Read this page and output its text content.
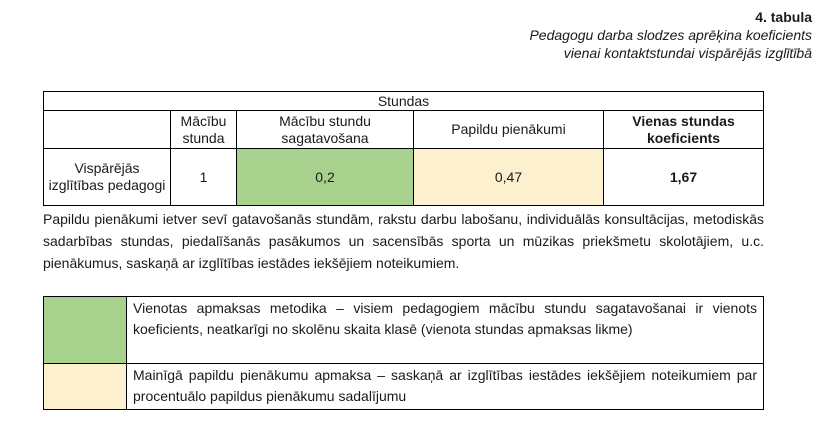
4. tabula
Pedagogu darba slodzes aprēķina koeficients
vienai kontaktstundai vispārējās izglītībā
Stundas				
	Mācību stunda	Mācību stundu sagatavošana	Papildu pienākumi	Vienas stundas koeficients
Vispārējās izglītības pedagogi	1	0,2	0,47	1,67
Papildu pienākumi ietver sevī gatavošanās stundām, rakstu darbu labošanu, individuālās konsultācijas, metodiskās sadarbības stundas, piedalīšanās pasākumos un sacensībās sporta un mūzikas priekšmetu skolotājiem, u.c. pienākumus, saskaņā ar izglītības iestādes iekšējiem noteikumiem.
	Vienotas apmaksas metodika – visiem pedagogiem mācību stundu sagatavošanai ir vienots koeficients, neatkarīgi no skolēnu skaita klasē (vienota stundas apmaksas likme)
	Mainīgā papildu pienākumu apmaksa – saskaņā ar izglītības iestādes iekšējiem noteikumiem par procentuālo papildus pienākumu sadalījumu
